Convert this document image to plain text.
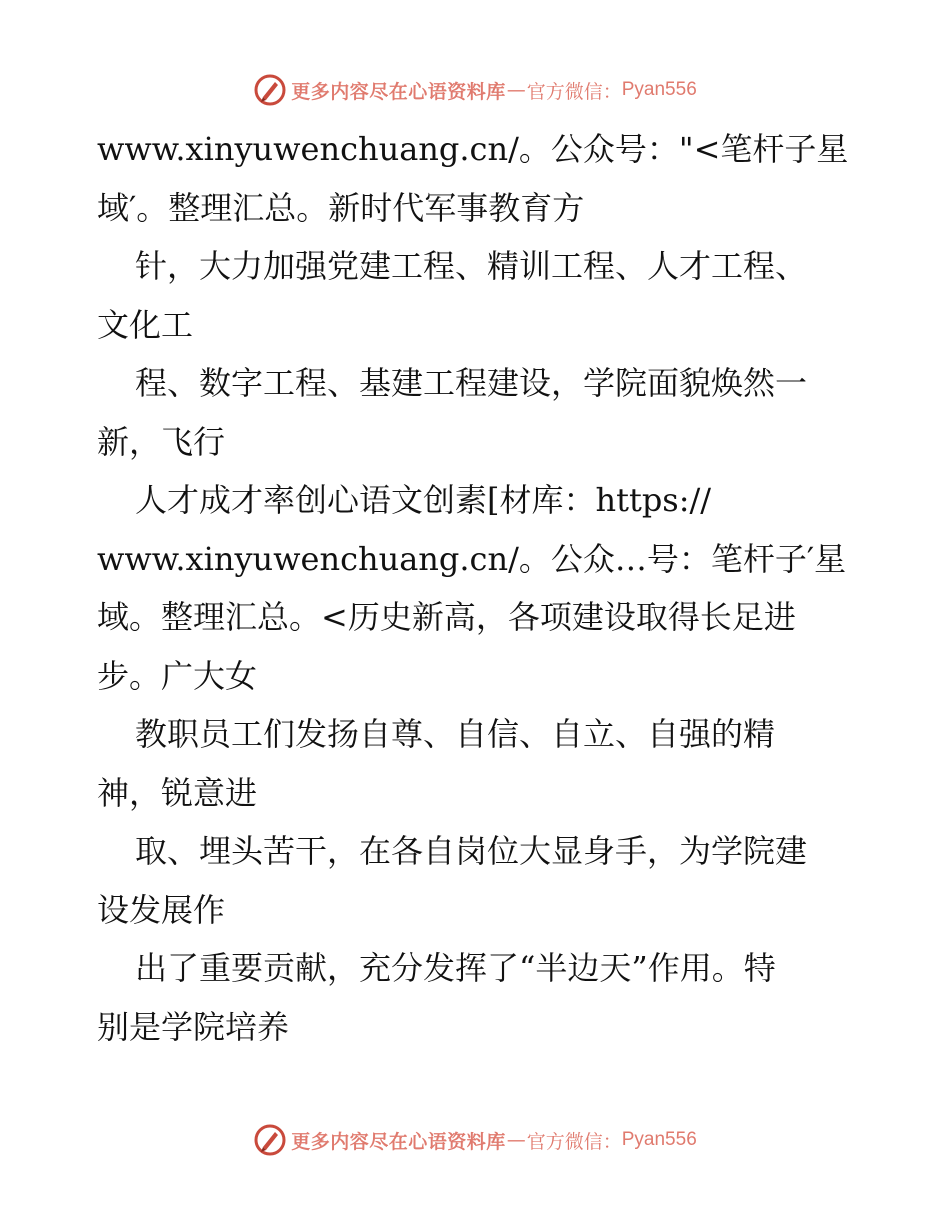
更多内容尽在心语资料库 — 官方微信： Pyan556
www.xinyuwenchuang.cn/。公众号："<笔杆子星
域′。整理汇总。新时代军事教育方
针，大力加强党建工程、精训工程、人才工程、
文化工
程、数字工程、基建工程建设，学院面貌焕然一
新，飞行
人才成才率创心语文创素[材库：https://
www.xinyuwenchuang.cn/。公众…号：笔杆子′星
域。整理汇总。<历史新高，各项建设取得长足进
步。广大女
教职员工们发扬自尊、自信、自立、自强的精
神，锐意进
取、埋头苦干，在各自岗位大显身手，为学院建
设发展作
出了重要贡献，充分发挥了“半边天”作用。特
别是学院培养
更多内容尽在心语资料库 — 官方微信： Pyan556
